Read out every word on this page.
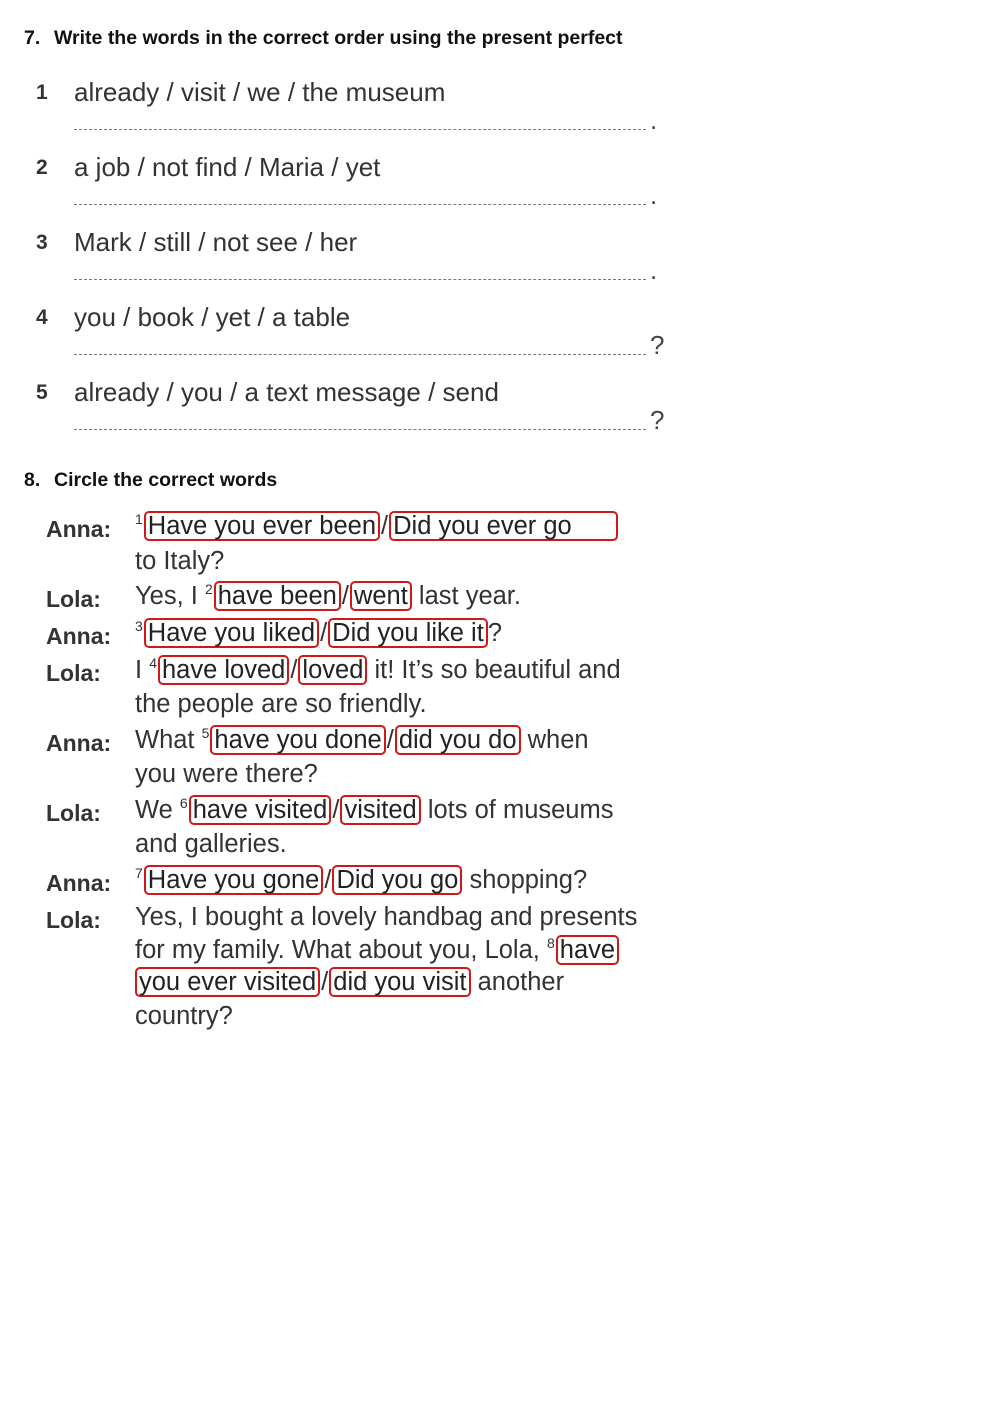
7. Write the words in the correct order using the present perfect
1 already / visit / we / the museum
.
2 a job / not find / Maria / yet
.
3 Mark / still / not see / her
.
4 you / book / yet / a table
?
5 already / you / a text message / send
?
8. Circle the correct words
Anna: $^1$ Have you ever been / Did you ever go
to Italy?
Lola: Yes, I $^2$ have been / went last year.
Anna: $^3$ Have you liked / Did you like it ?
Lola: I $^4$ have loved / loved it! It’s so beautiful and
the people are so friendly.
Anna: What $^5$ have you done / did you do when
you were there?
Lola: We $^6$ have visited / visited lots of museums
and galleries.
Anna: $^7$ Have you gone / Did you go shopping?
Lola: Yes, I bought a lovely handbag and presents
for my family. What about you, Lola, $^8$ have
you ever visited / did you visit another
country?
